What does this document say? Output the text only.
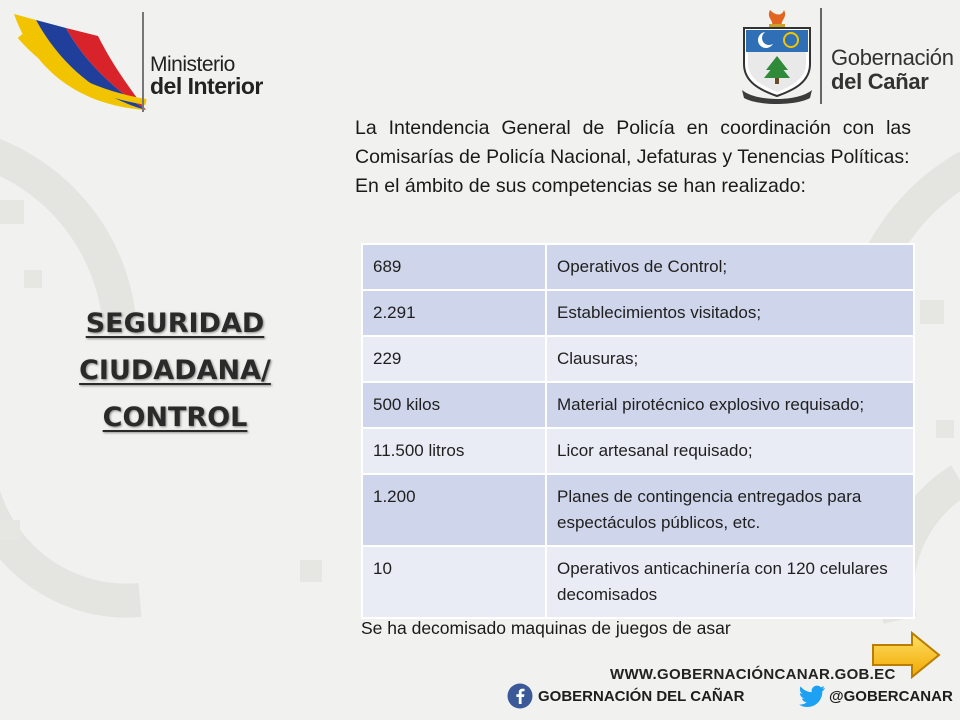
Ministerio
del Interior
Gobernación
del Cañar

La Intendencia General de Policía en coordinación con las Comisarías de Policía Nacional, Jefaturas y Tenencias Políticas:

En el ámbito de sus competencias se han realizado:

SEGURIDAD
CIUDADANA/
CONTROL
689	Operativos de Control;
2.291	Establecimientos visitados;
229	Clausuras;
500 kilos	Material pirotécnico explosivo requisado;
11.500 litros	Licor artesanal requisado;
1.200	Planes de contingencia entregados para espectáculos públicos, etc.
10	Operativos anticachinería con 120 celulares decomisados
Se ha decomisado maquinas de juegos de asar
WWW.GOBERNACIÓNCANAR.GOB.EC
GOBERNACIÓN DEL CAÑAR	@GOBERCANAR
